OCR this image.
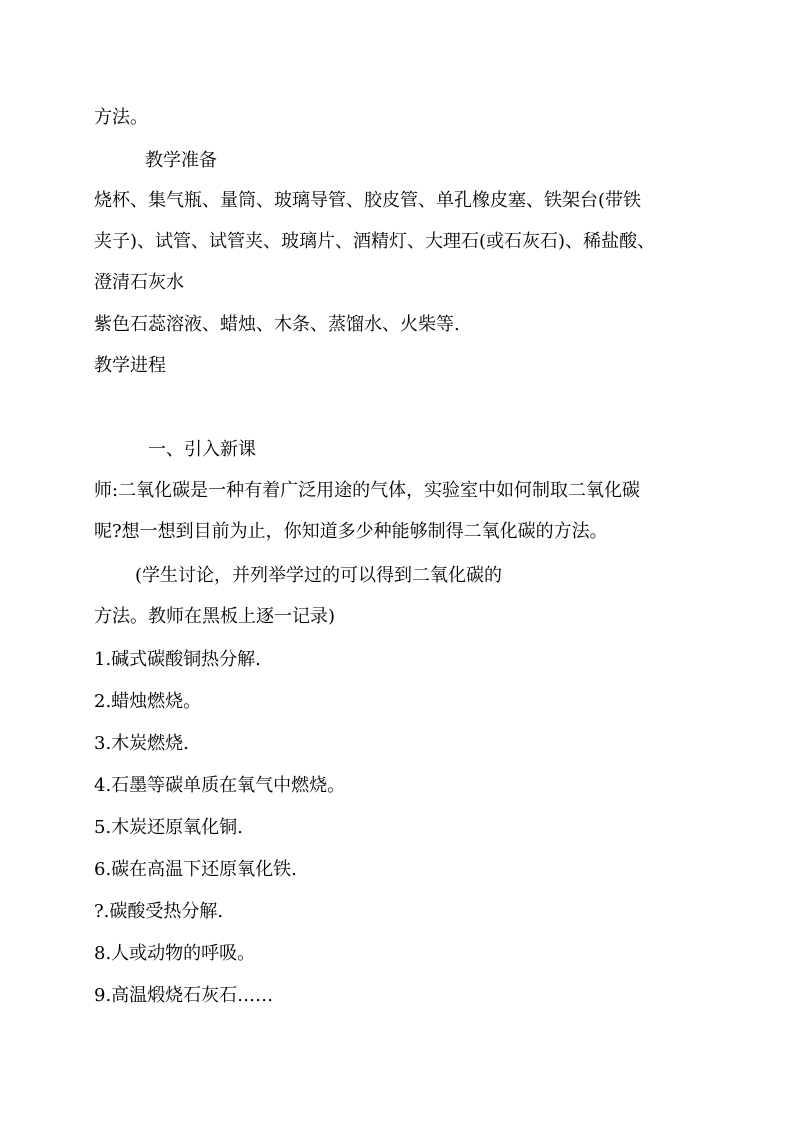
方法。
教学准备
烧杯、集气瓶、量筒、玻璃导管、胶皮管、单孔橡皮塞、铁架台(带铁
夹子)、试管、试管夹、玻璃片、酒精灯、大理石(或石灰石)、稀盐酸、
澄清石灰水
紫色石蕊溶液、蜡烛、木条、蒸馏水、火柴等.
教学进程
一、引入新课
师:二氧化碳是一种有着广泛用途的气体，实验室中如何制取二氧化碳
呢?想一想到目前为止，你知道多少种能够制得二氧化碳的方法。
(学生讨论，并列举学过的可以得到二氧化碳的
方法。教师在黑板上逐一记录)
1.碱式碳酸铜热分解.
2.蜡烛燃烧。
3.木炭燃烧.
4.石墨等碳单质在氧气中燃烧。
5.木炭还原氧化铜.
6.碳在高温下还原氧化铁.
?.碳酸受热分解.
8.人或动物的呼吸。
9.高温煅烧石灰石……
